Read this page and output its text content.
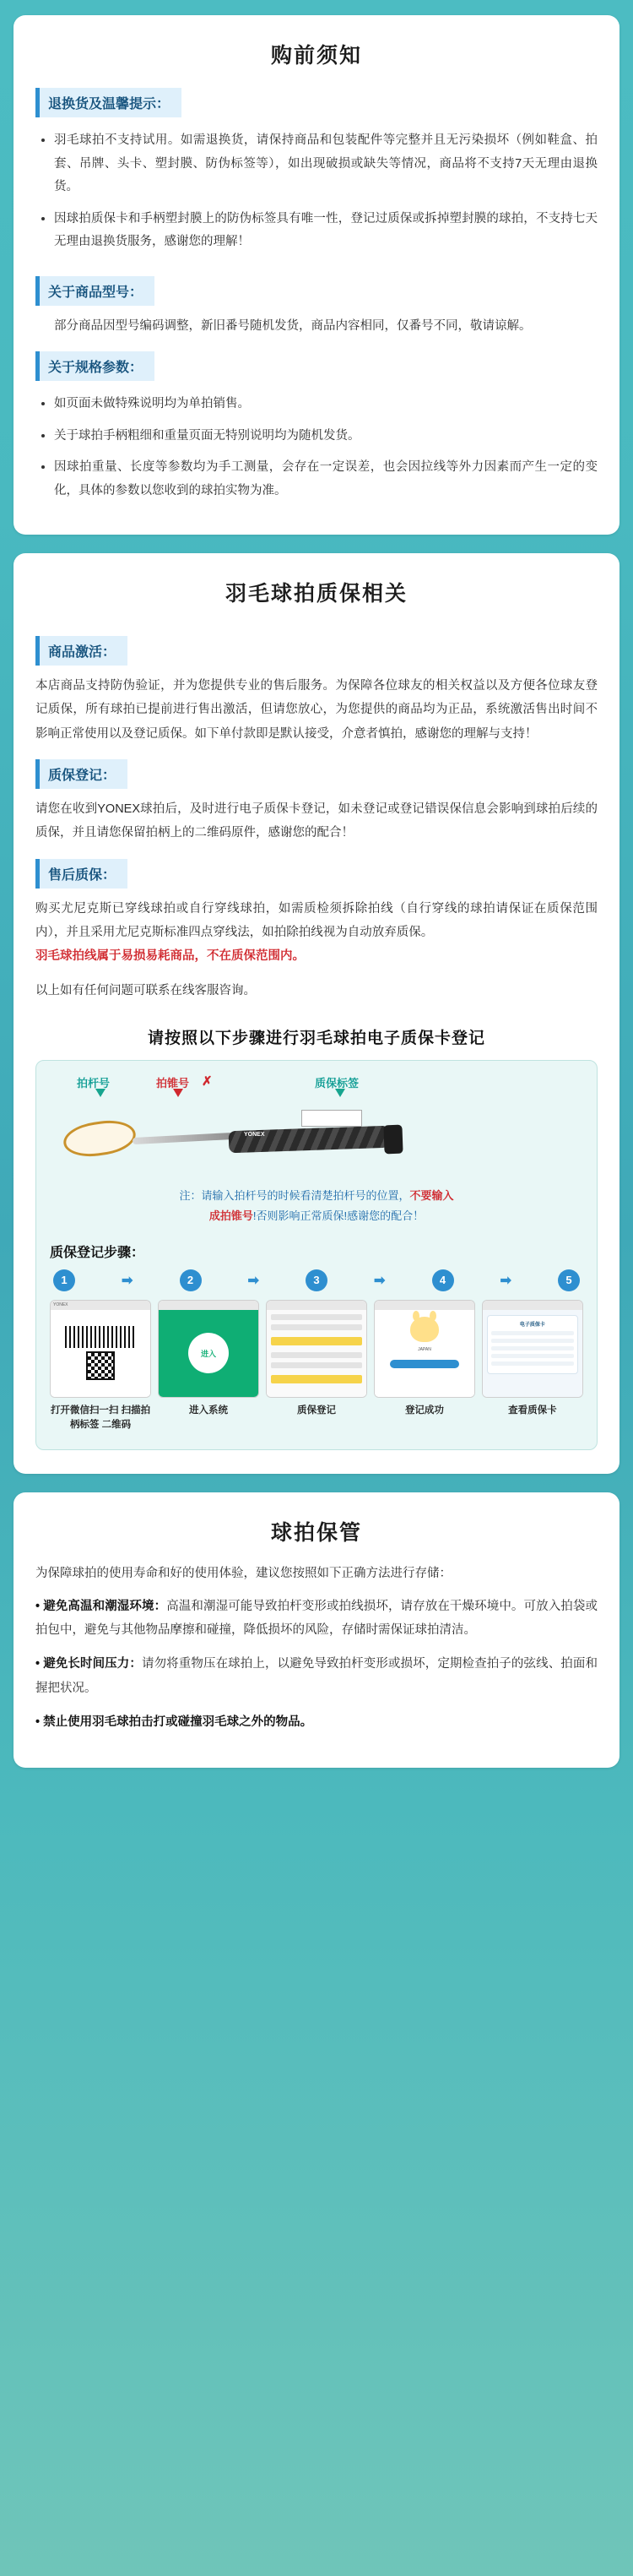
购前须知
退换货及温馨提示：
• 羽毛球拍不支持试用。如需退换货，请保持商品和包装配件等完整并且无污染损坏（例如鞋盒、拍套、吊牌、头卡、塑封膜、防伪标签等），如出现破损或缺失等情况，商品将不支持7天无理由退换货。
• 因球拍质保卡和手柄塑封膜上的防伪标签具有唯一性，登记过质保或拆掉塑封膜的球拍，不支持七天无理由退换货服务，感谢您的理解！
关于商品型号：
部分商品因型号编码调整，新旧番号随机发货，商品内容相同，仅番号不同，敬请谅解。
关于规格参数：
• 如页面未做特殊说明均为单拍销售。
• 关于球拍手柄粗细和重量页面无特别说明均为随机发货。
• 因球拍重量、长度等参数均为手工测量，会存在一定误差，也会因拉线等外力因素而产生一定的变化，具体的参数以您收到的球拍实物为准。
羽毛球拍质保相关
商品激活：
本店商品支持防伪验证，并为您提供专业的售后服务。为保障各位球友的相关权益以及方便各位球友登记质保，所有球拍已提前进行售出激活，但请您放心，为您提供的商品均为正品，系统激活售出时间不影响正常使用以及登记质保。如下单付款即是默认接受，介意者慎拍，感谢您的理解与支持！
质保登记：
请您在收到YONEX球拍后，及时进行电子质保卡登记，如未登记或登记错误保信息会影响到球拍后续的质保，并且请您保留拍柄上的二维码原件，感谢您的配合！
售后质保：
购买尤尼克斯已穿线球拍或自行穿线球拍，如需质检须拆除拍线（自行穿线的球拍请保证在质保范围内），并且采用尤尼克斯标准四点穿线法，如拍除拍线视为自动放弃质保。
羽毛球拍线属于易损易耗商品，不在质保范围内。
以上如有任何问题可联系在线客服咨询。
请按照以下步骤进行羽毛球拍电子质保卡登记
拍杆号	拍锥号 ✗	质保标签
YONEX
注：请输入拍杆号的时候看清楚拍杆号的位置，不要输入
成拍锥号!否则影响正常质保!感谢您的配合！
质保登记步骤：
1	➡	2	➡	3	➡	4	➡	5
YONEX
打开微信扫一扫 扫描拍柄标签 二维码
进入
进入系统	质保登记
JAPAN
登记成功
电子质保卡
查看质保卡
球拍保管
为保障球拍的使用寿命和好的使用体验，建议您按照如下正确方法进行存储：
• 避免高温和潮湿环境：高温和潮湿可能导致拍杆变形或拍线损坏，请存放在干燥环境中。可放入拍袋或拍包中，避免与其他物品摩擦和碰撞，降低损坏的风险，存储时需保证球拍清洁。
• 避免长时间压力：请勿将重物压在球拍上，以避免导致拍杆变形或损坏，定期检查拍子的弦线、拍面和握把状况。
• 禁止使用羽毛球拍击打或碰撞羽毛球之外的物品。
